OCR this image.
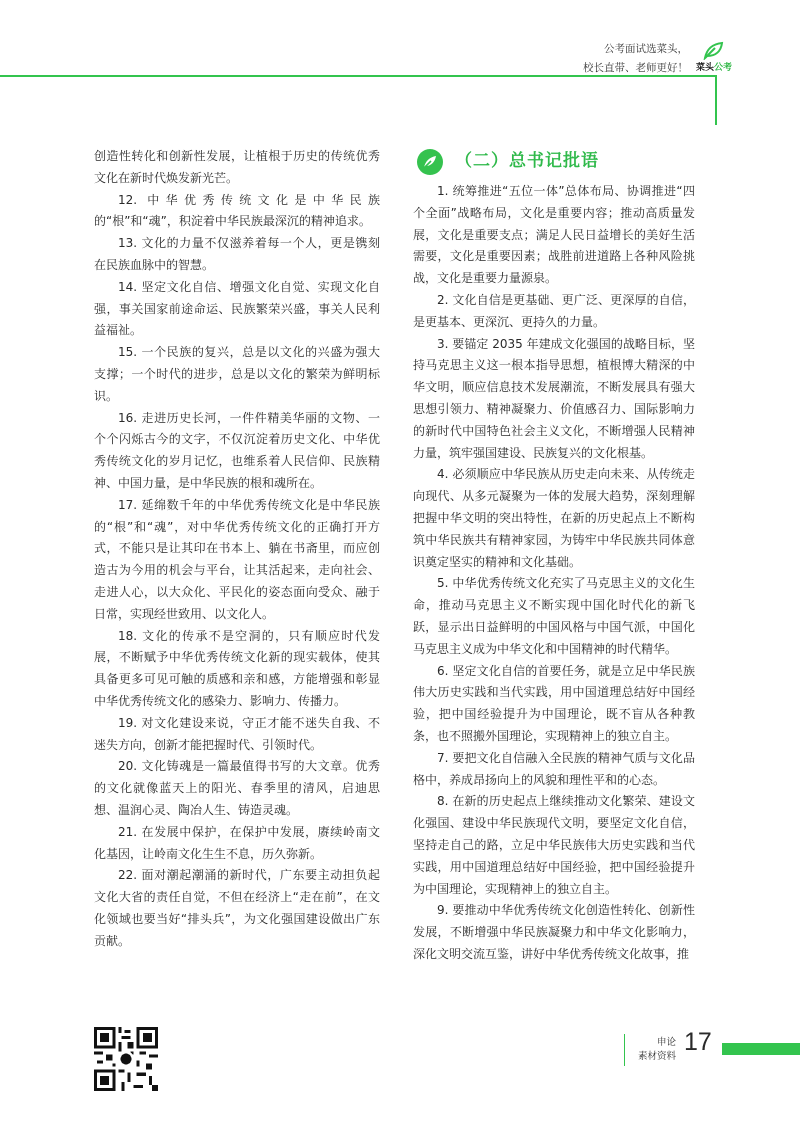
公考面试选菜头，
校长直带、老师更好！ 菜头公考

创造性转化和创新性发展，让植根于历史的传统优秀文化在新时代焕发新光芒。

12. 中华优秀传统文化是中华民族的“根”和“魂”，积淀着中华民族最深沉的精神追求。

13. 文化的力量不仅滋养着每一个人，更是镌刻在民族血脉中的智慧。

14. 坚定文化自信、增强文化自觉、实现文化自强，事关国家前途命运、民族繁荣兴盛，事关人民利益福祉。

15. 一个民族的复兴，总是以文化的兴盛为强大支撑；一个时代的进步，总是以文化的繁荣为鲜明标识。

16. 走进历史长河，一件件精美华丽的文物、一个个闪烁古今的文字，不仅沉淀着历史文化、中华优秀传统文化的岁月记忆，也维系着人民信仰、民族精神、中国力量，是中华民族的根和魂所在。

17. 延绵数千年的中华优秀传统文化是中华民族的“根”和“魂”，对中华优秀传统文化的正确打开方式，不能只是让其印在书本上、躺在书斋里，而应创造古为今用的机会与平台，让其活起来，走向社会、走进人心，以大众化、平民化的姿态面向受众、融于日常，实现经世致用、以文化人。

18. 文化的传承不是空洞的，只有顺应时代发展，不断赋予中华优秀传统文化新的现实载体，使其具备更多可见可触的质感和亲和感，方能增强和彰显中华优秀传统文化的感染力、影响力、传播力。

19. 对文化建设来说，守正才能不迷失自我、不迷失方向，创新才能把握时代、引领时代。

20. 文化铸魂是一篇最值得书写的大文章。优秀的文化就像蓝天上的阳光、春季里的清风，启迪思想、温润心灵、陶冶人生、铸造灵魂。

21. 在发展中保护，在保护中发展，赓续岭南文化基因，让岭南文化生生不息，历久弥新。

22. 面对潮起潮涌的新时代，广东要主动担负起文化大省的责任自觉，不但在经济上“走在前”，在文化领域也要当好“排头兵”，为文化强国建设做出广东贡献。

（二）总书记批语

1. 统筹推进“五位一体”总体布局、协调推进“四个全面”战略布局，文化是重要内容；推动高质量发展，文化是重要支点；满足人民日益增长的美好生活需要，文化是重要因素；战胜前进道路上各种风险挑战，文化是重要力量源泉。

2. 文化自信是更基础、更广泛、更深厚的自信，是更基本、更深沉、更持久的力量。

3. 要锚定 2035 年建成文化强国的战略目标，坚持马克思主义这一根本指导思想，植根博大精深的中华文明，顺应信息技术发展潮流，不断发展具有强大思想引领力、精神凝聚力、价值感召力、国际影响力的新时代中国特色社会主义文化，不断增强人民精神力量，筑牢强国建设、民族复兴的文化根基。

4. 必须顺应中华民族从历史走向未来、从传统走向现代、从多元凝聚为一体的发展大趋势，深刻理解把握中华文明的突出特性，在新的历史起点上不断构筑中华民族共有精神家园，为铸牢中华民族共同体意识奠定坚实的精神和文化基础。

5. 中华优秀传统文化充实了马克思主义的文化生命，推动马克思主义不断实现中国化时代化的新飞跃，显示出日益鲜明的中国风格与中国气派，中国化马克思主义成为中华文化和中国精神的时代精华。

6. 坚定文化自信的首要任务，就是立足中华民族伟大历史实践和当代实践，用中国道理总结好中国经验，把中国经验提升为中国理论，既不盲从各种教条，也不照搬外国理论，实现精神上的独立自主。

7. 要把文化自信融入全民族的精神气质与文化品格中，养成昂扬向上的风貌和理性平和的心态。

8. 在新的历史起点上继续推动文化繁荣、建设文化强国、建设中华民族现代文明，要坚定文化自信，坚持走自己的路，立足中华民族伟大历史实践和当代实践，用中国道理总结好中国经验，把中国经验提升为中国理论，实现精神上的独立自主。

9. 要推动中华优秀传统文化创造性转化、创新性发展，不断增强中华民族凝聚力和中华文化影响力，深化文明交流互鉴，讲好中华优秀传统文化故事，推

申论
素材资料
17
